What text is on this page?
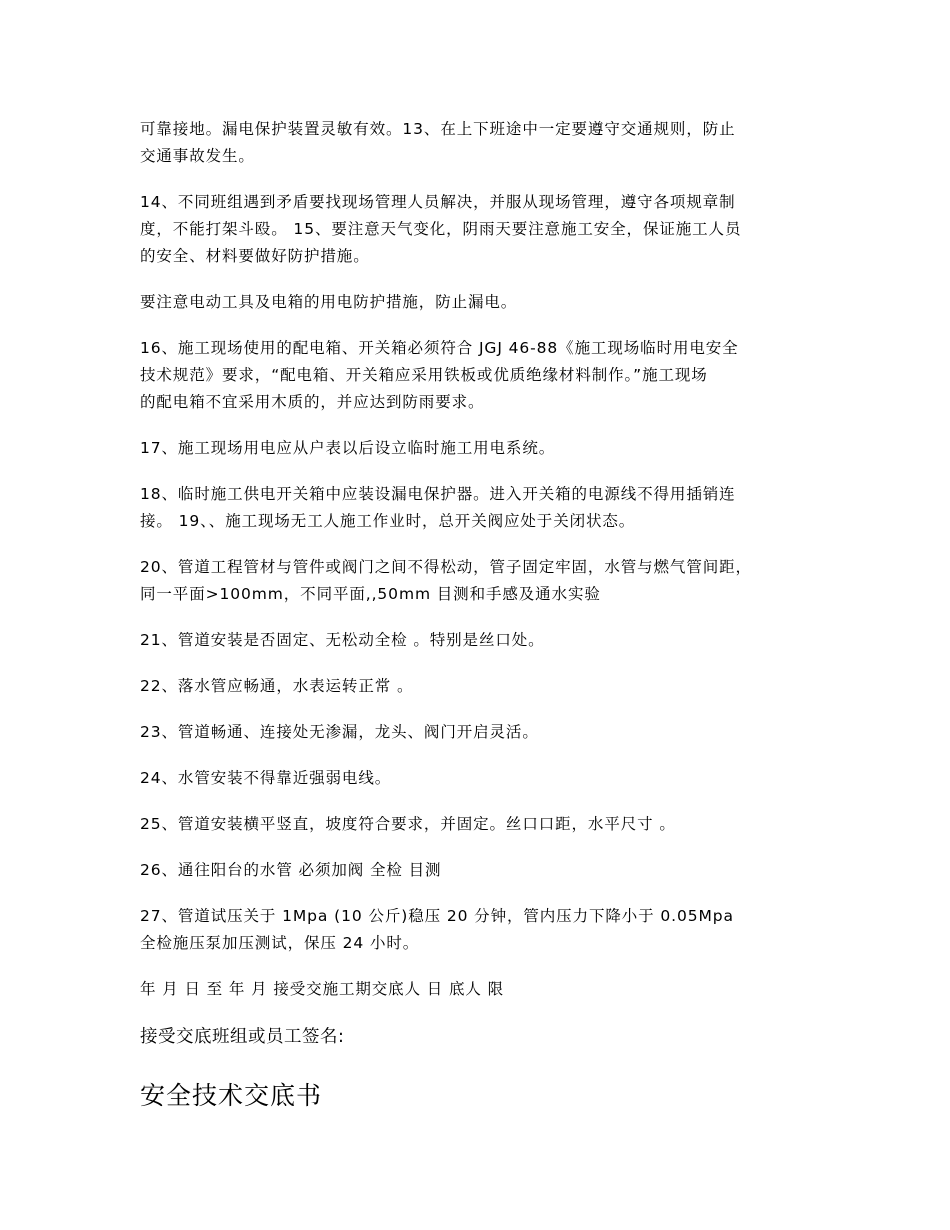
可靠接地。漏电保护装置灵敏有效。13、在上下班途中一定要遵守交通规则，防止
交通事故发生。

14、不同班组遇到矛盾要找现场管理人员解决，并服从现场管理，遵守各项规章制
度，不能打架斗殴。 15、要注意天气变化，阴雨天要注意施工安全，保证施工人员
的安全、材料要做好防护措施。

要注意电动工具及电箱的用电防护措施，防止漏电。

16、施工现场使用的配电箱、开关箱必须符合 JGJ 46-88《施工现场临时用电安全
技术规范》要求，“配电箱、开关箱应采用铁板或优质绝缘材料制作。”施工现场
的配电箱不宜采用木质的，并应达到防雨要求。

17、施工现场用电应从户表以后设立临时施工用电系统。

18、临时施工供电开关箱中应装设漏电保护器。进入开关箱的电源线不得用插销连
接。 19、、施工现场无工人施工作业时，总开关阀应处于关闭状态。

20、管道工程管材与管件或阀门之间不得松动，管子固定牢固，水管与燃气管间距，
同一平面>100mm，不同平面,,50mm 目测和手感及通水实验

21、管道安装是否固定、无松动全检 。特别是丝口处。

22、落水管应畅通，水表运转正常 。

23、管道畅通、连接处无渗漏，龙头、阀门开启灵活。

24、水管安装不得靠近强弱电线。

25、管道安装横平竖直，坡度符合要求，并固定。丝口口距，水平尺寸 。

26、通往阳台的水管 必须加阀 全检 目测

27、管道试压关于 1Mpa (10 公斤)稳压 20 分钟，管内压力下降小于 0.05Mpa
全检施压泵加压测试，保压 24 小时。

年 月 日 至 年 月 接受交施工期交底人 日 底人 限

接受交底班组或员工签名:

安全技术交底书
